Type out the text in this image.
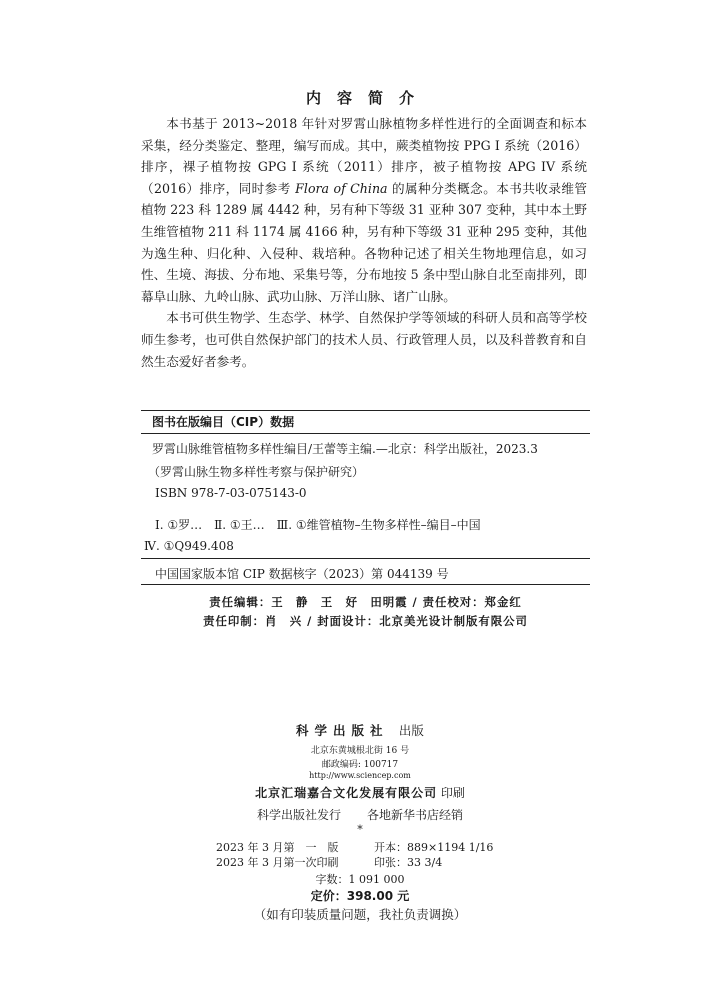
内容简介

本书基于 2013~2018 年针对罗霄山脉植物多样性进行的全面调查和标本采集，经分类鉴定、整理，编写而成。其中，蕨类植物按 PPG I 系统（2016）排序，裸子植物按 GPG I 系统（2011）排序，被子植物按 APG IV 系统（2016）排序，同时参考 Flora of China 的属种分类概念。本书共收录维管植物 223 科 1289 属 4442 种，另有种下等级 31 亚种 307 变种，其中本土野生维管植物 211 科 1174 属 4166 种，另有种下等级 31 亚种 295 变种，其他为逸生种、归化种、入侵种、栽培种。各物种记述了相关生物地理信息，如习性、生境、海拔、分布地、采集号等，分布地按 5 条中型山脉自北至南排列，即幕阜山脉、九岭山脉、武功山脉、万洋山脉、诸广山脉。

本书可供生物学、生态学、林学、自然保护学等领域的科研人员和高等学校师生参考，也可供自然保护部门的技术人员、行政管理人员，以及科普教育和自然生态爱好者参考。

图书在版编目（CIP）数据
罗霄山脉维管植物多样性编目/王蕾等主编.—北京：科学出版社，2023.3
（罗霄山脉生物多样性考察与保护研究）
ISBN 978-7-03-075143-0
Ⅰ. ①罗…　Ⅱ. ①王…　Ⅲ. ①维管植物–生物多样性–编目–中国
Ⅳ. ①Q949.408
中国国家版本馆 CIP 数据核字（2023）第 044139 号
责任编辑：王　静　王　好　田明霞 / 责任校对：郑金红
责任印制：肖　兴 / 封面设计：北京美光设计制版有限公司
科学出版社 出版
北京东黄城根北街 16 号
邮政编码: 100717
http://www.sciencep.com
北京汇瑞嘉合文化发展有限公司 印刷
科学出版社发行 各地新华书店经销
*
2023 年 3 月第　一　版	开本：889×1194 1/16
2023 年 3 月第一次印刷	印张：33 3/4
字数：1 091 000
定价：398.00 元
（如有印装质量问题，我社负责调换）
